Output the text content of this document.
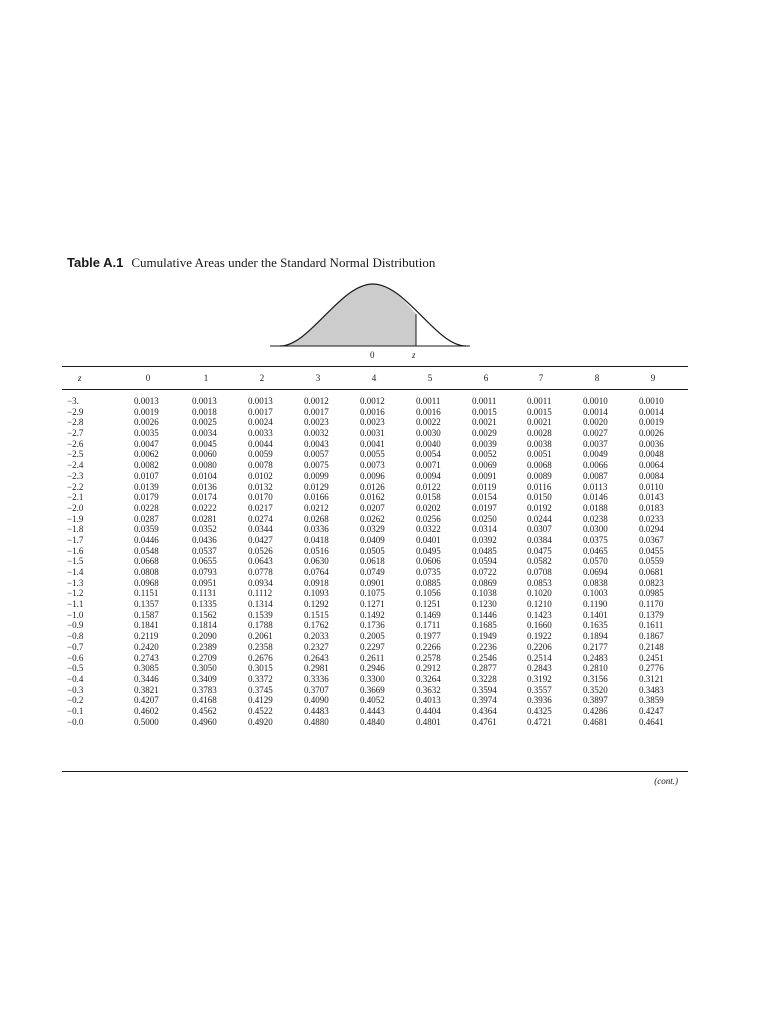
Table A.1 Cumulative Areas under the Standard Normal Distribution
0	z
z	0	1	2	3	4	5	6	7	8	9
−3.	0.0013	0.0013	0.0013	0.0012	0.0012	0.0011	0.0011	0.0011	0.0010	0.0010
−2.9	0.0019	0.0018	0.0017	0.0017	0.0016	0.0016	0.0015	0.0015	0.0014	0.0014
−2.8	0.0026	0.0025	0.0024	0.0023	0.0023	0.0022	0.0021	0.0021	0.0020	0.0019
−2.7	0.0035	0.0034	0.0033	0.0032	0.0031	0.0030	0.0029	0.0028	0.0027	0.0026
−2.6	0.0047	0.0045	0.0044	0.0043	0.0041	0.0040	0.0039	0.0038	0.0037	0.0036
−2.5	0.0062	0.0060	0.0059	0.0057	0.0055	0.0054	0.0052	0.0051	0.0049	0.0048
−2.4	0.0082	0.0080	0.0078	0.0075	0.0073	0.0071	0.0069	0.0068	0.0066	0.0064
−2.3	0.0107	0.0104	0.0102	0.0099	0.0096	0.0094	0.0091	0.0089	0.0087	0.0084
−2.2	0.0139	0.0136	0.0132	0.0129	0.0126	0.0122	0.0119	0.0116	0.0113	0.0110
−2.1	0.0179	0.0174	0.0170	0.0166	0.0162	0.0158	0.0154	0.0150	0.0146	0.0143
−2.0	0.0228	0.0222	0.0217	0.0212	0.0207	0.0202	0.0197	0.0192	0.0188	0.0183
−1.9	0.0287	0.0281	0.0274	0.0268	0.0262	0.0256	0.0250	0.0244	0.0238	0.0233
−1.8	0.0359	0.0352	0.0344	0.0336	0.0329	0.0322	0.0314	0.0307	0.0300	0.0294
−1.7	0.0446	0.0436	0.0427	0.0418	0.0409	0.0401	0.0392	0.0384	0.0375	0.0367
−1.6	0.0548	0.0537	0.0526	0.0516	0.0505	0.0495	0.0485	0.0475	0.0465	0.0455
−1.5	0.0668	0.0655	0.0643	0.0630	0.0618	0.0606	0.0594	0.0582	0.0570	0.0559
−1.4	0.0808	0.0793	0.0778	0.0764	0.0749	0.0735	0.0722	0.0708	0.0694	0.0681
−1.3	0.0968	0.0951	0.0934	0.0918	0.0901	0.0885	0.0869	0.0853	0.0838	0.0823
−1.2	0.1151	0.1131	0.1112	0.1093	0.1075	0.1056	0.1038	0.1020	0.1003	0.0985
−1.1	0.1357	0.1335	0.1314	0.1292	0.1271	0.1251	0.1230	0.1210	0.1190	0.1170
−1.0	0.1587	0.1562	0.1539	0.1515	0.1492	0.1469	0.1446	0.1423	0.1401	0.1379
−0.9	0.1841	0.1814	0.1788	0.1762	0.1736	0.1711	0.1685	0.1660	0.1635	0.1611
−0.8	0.2119	0.2090	0.2061	0.2033	0.2005	0.1977	0.1949	0.1922	0.1894	0.1867
−0.7	0.2420	0.2389	0.2358	0.2327	0.2297	0.2266	0.2236	0.2206	0.2177	0.2148
−0.6	0.2743	0.2709	0.2676	0.2643	0.2611	0.2578	0.2546	0.2514	0.2483	0.2451
−0.5	0.3085	0.3050	0.3015	0.2981	0.2946	0.2912	0.2877	0.2843	0.2810	0.2776
−0.4	0.3446	0.3409	0.3372	0.3336	0.3300	0.3264	0.3228	0.3192	0.3156	0.3121
−0.3	0.3821	0.3783	0.3745	0.3707	0.3669	0.3632	0.3594	0.3557	0.3520	0.3483
−0.2	0.4207	0.4168	0.4129	0.4090	0.4052	0.4013	0.3974	0.3936	0.3897	0.3859
−0.1	0.4602	0.4562	0.4522	0.4483	0.4443	0.4404	0.4364	0.4325	0.4286	0.4247
−0.0	0.5000	0.4960	0.4920	0.4880	0.4840	0.4801	0.4761	0.4721	0.4681	0.4641
(cont.)
